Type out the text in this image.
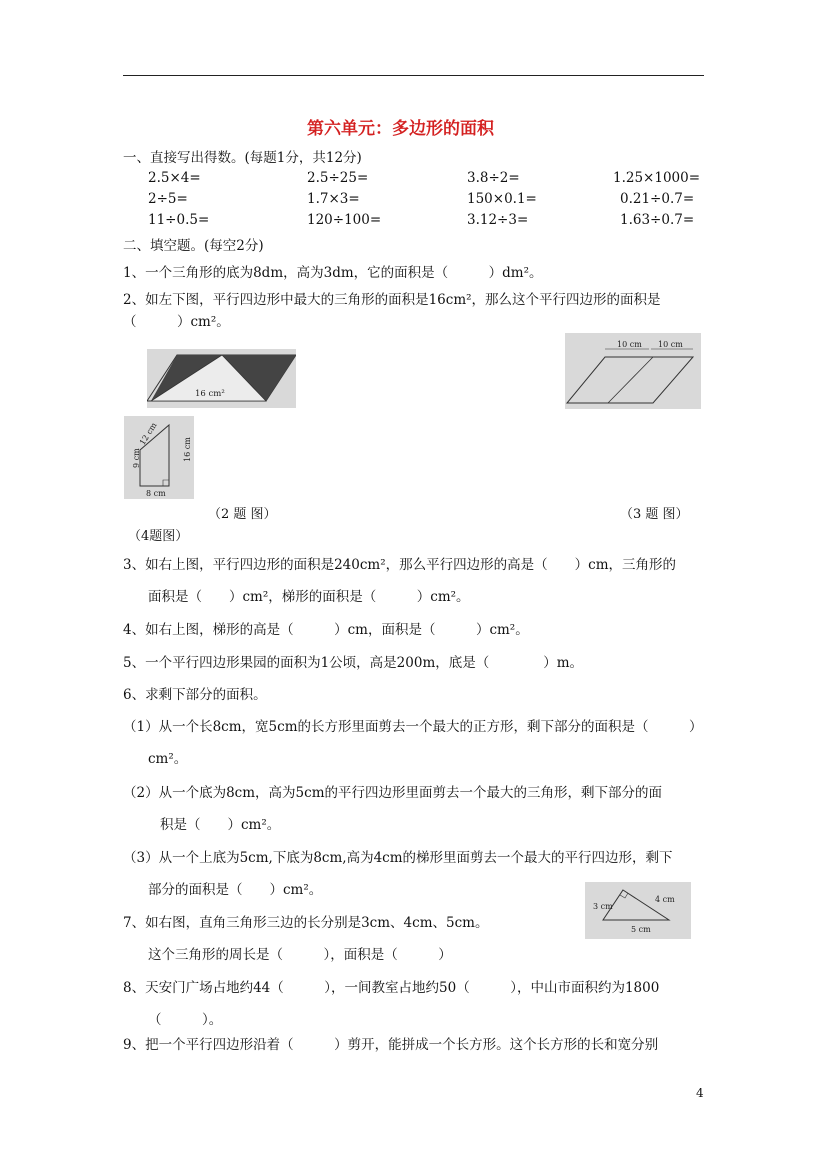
第六单元：多边形的面积
一、直接写出得数。(每题1分，共12分)
2.5×4=	2.5÷25=	3.8÷2=	1.25×1000=
2÷5=	1.7×3=	150×0.1=	0.21÷0.7=
11÷0.5=	120÷100=	3.12÷3=	1.63÷0.7=
二、填空题。(每空2分)
1、一个三角形的底为8dm，高为3dm，它的面积是（　　　）dm²。
2、如左下图，平行四边形中最大的三角形的面积是16cm²，那么这个平行四边形的面积是
（　　　）cm²。
16 cm²
10 cm 10 cm
9 cm	16 cm
12 cm
8 cm
（2 题 图）	（3 题 图）
（4题图）
3、如右上图，平行四边形的面积是240cm²，那么平行四边形的高是（　　）cm，三角形的
面积是（　　）cm²，梯形的面积是（　　　）cm²。
4、如右上图，梯形的高是（　　　）cm，面积是（　　　）cm²。
5、一个平行四边形果园的面积为1公顷，高是200m，底是（　　　　）m。
6、求剩下部分的面积。
（1）从一个长8cm，宽5cm的长方形里面剪去一个最大的正方形，剩下部分的面积是（　　　）
cm²。
（2）从一个底为8cm，高为5cm的平行四边形里面剪去一个最大的三角形，剩下部分的面
积是（　　）cm²。
（3）从一个上底为5cm,下底为8cm,高为4cm的梯形里面剪去一个最大的平行四边形，剩下
部分的面积是（　　）cm²。
7、如右图，直角三角形三边的长分别是3cm、4cm、5cm。
这个三角形的周长是（　　　），面积是（　　　）
3 cm
4 cm
5 cm
8、天安门广场占地约44（　　　），一间教室占地约50（　　　），中山市面积约为1800
（　　　）。
9、把一个平行四边形沿着（　　　）剪开，能拼成一个长方形。这个长方形的长和宽分别
4
